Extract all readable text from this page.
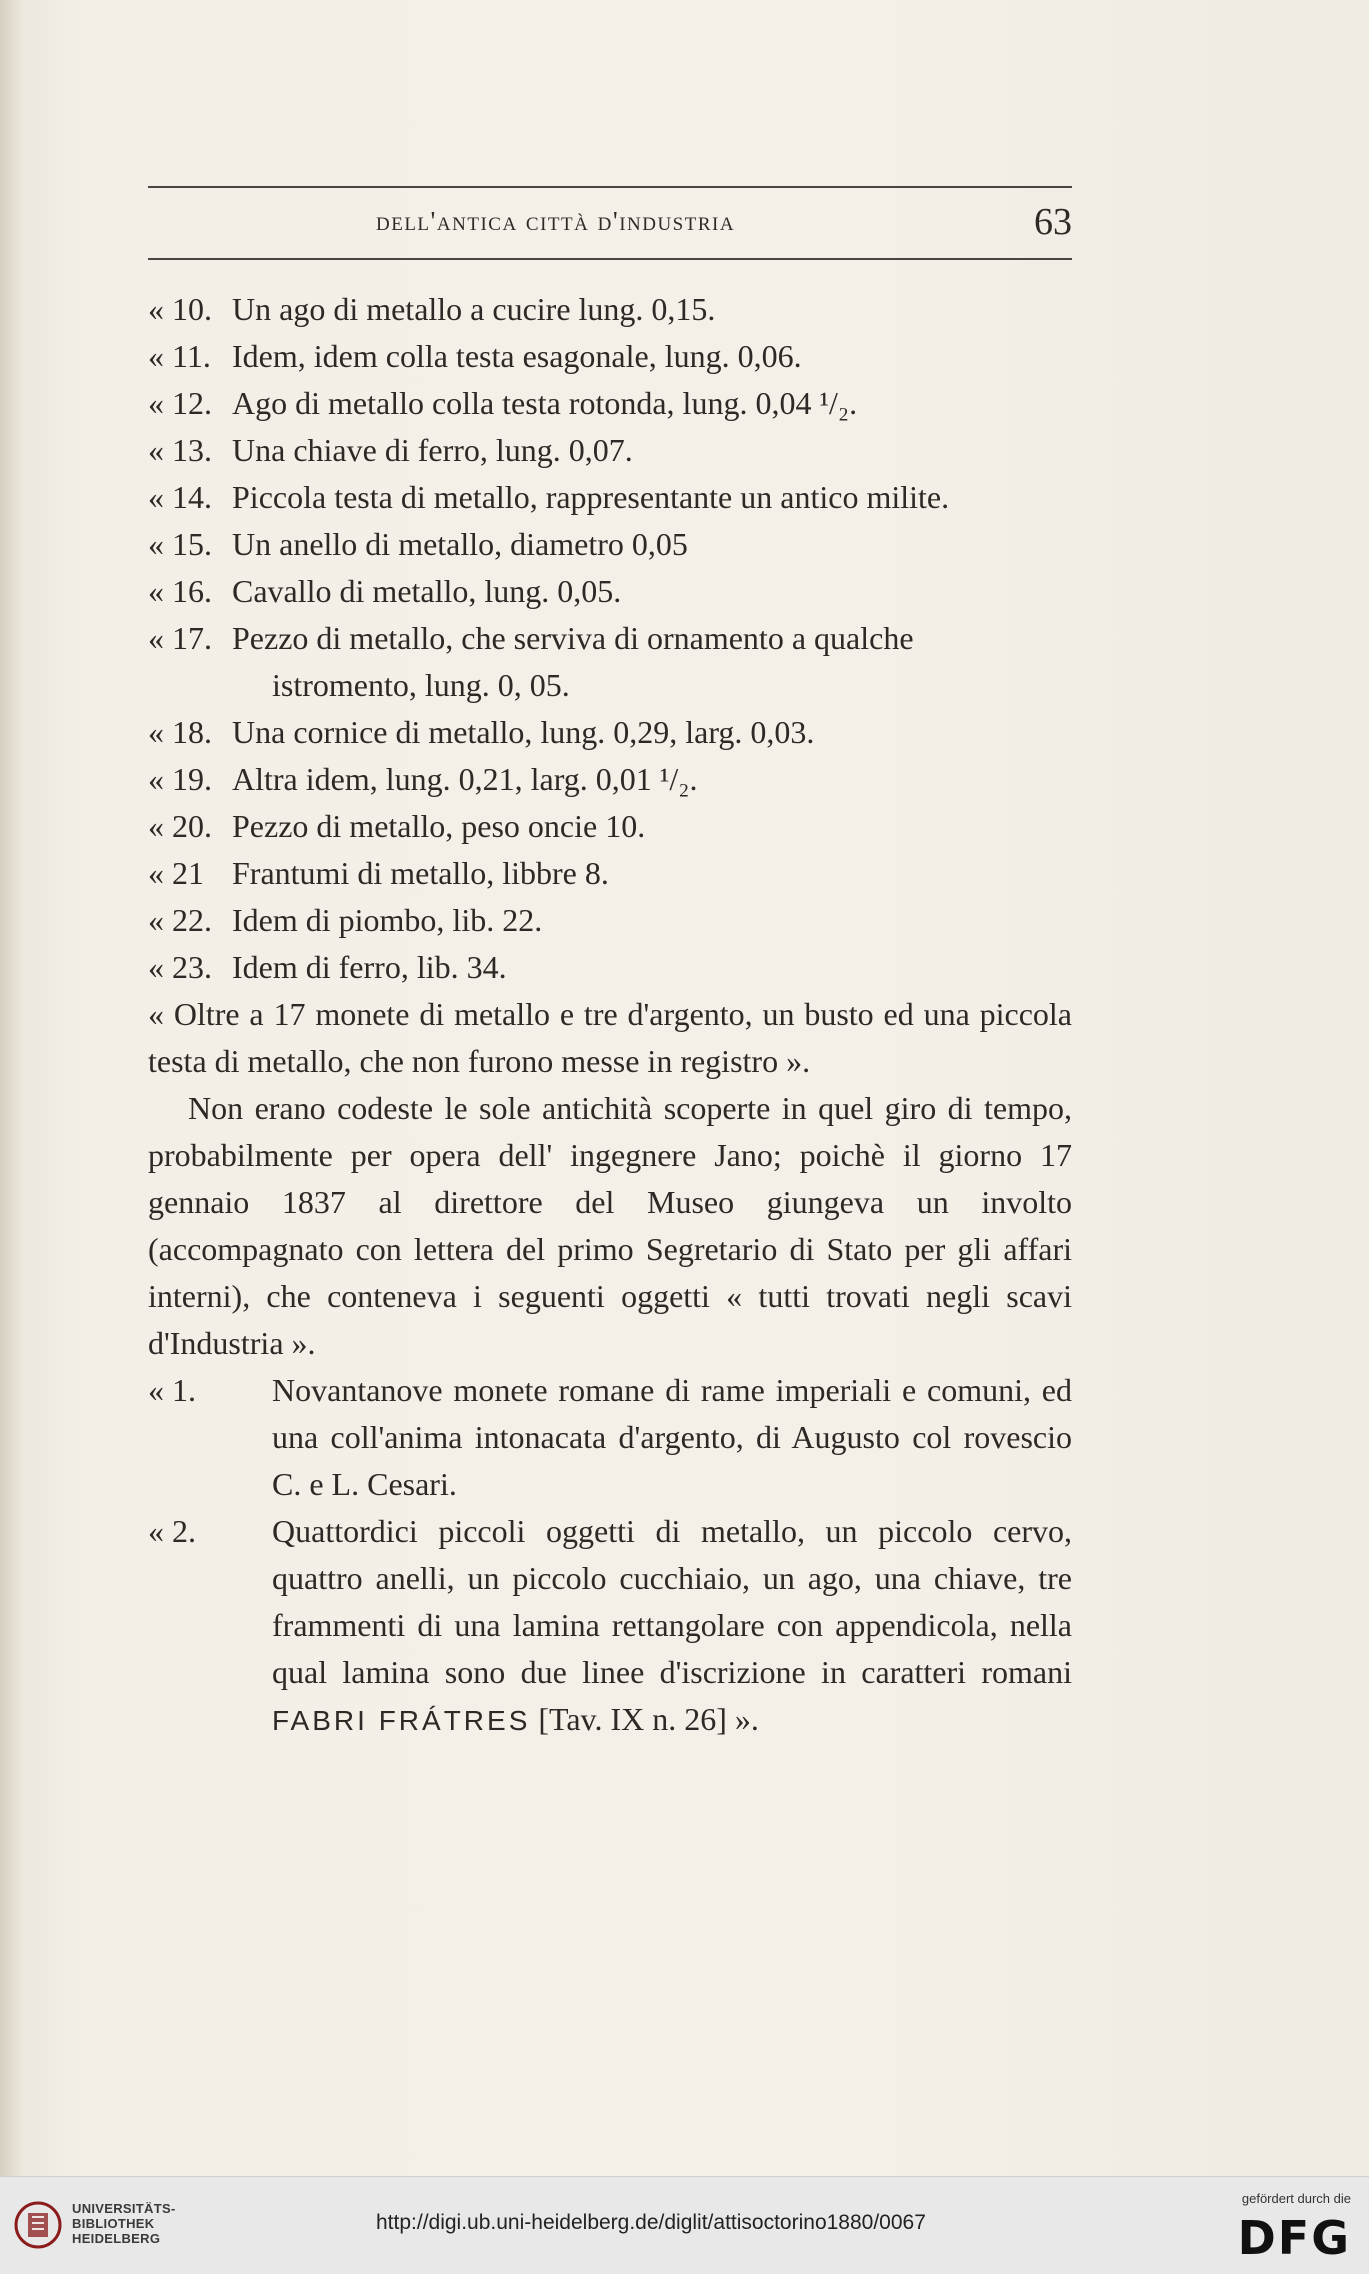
dell'antica città d'industria	63
« 10. Un ago di metallo a cucire lung. 0,15.
« 11. Idem, idem colla testa esagonale, lung. 0,06.
« 12. Ago di metallo colla testa rotonda, lung. 0,04 ¹/₂.
« 13. Una chiave di ferro, lung. 0,07.
« 14. Piccola testa di metallo, rappresentante un antico milite.
« 15. Un anello di metallo, diametro 0,05
« 16. Cavallo di metallo, lung. 0,05.
« 17. Pezzo di metallo, che serviva di ornamento a qualche
istromento, lung. 0, 05.
« 18. Una cornice di metallo, lung. 0,29, larg. 0,03.
« 19. Altra idem, lung. 0,21, larg. 0,01 ¹/₂.
« 20. Pezzo di metallo, peso oncie 10.
« 21 Frantumi di metallo, libbre 8.
« 22. Idem di piombo, lib. 22.
« 23. Idem di ferro, lib. 34.
« Oltre a 17 monete di metallo e tre d'argento, un busto ed una piccola testa di metallo, che non furono messe in registro ».
Non erano codeste le sole antichità scoperte in quel giro di tempo, probabilmente per opera dell' ingegnere Jano; poichè il giorno 17 gennaio 1837 al direttore del Museo giungeva un involto (accompagnato con lettera del primo Segretario di Stato per gli affari interni), che conteneva i seguenti oggetti « tutti trovati negli scavi d'Industria ».
« 1. Novantanove monete romane di rame imperiali e comuni, ed una coll'anima intonacata d'argento, di Augusto col rovescio C. e L. Cesari.
« 2. Quattordici piccoli oggetti di metallo, un piccolo cervo, quattro anelli, un piccolo cucchiaio, un ago, una chiave, tre frammenti di una lamina rettangolare con appendicola, nella qual lamina sono due linee d'iscrizione in caratteri romani FABRI FRÁTRES [Tav. IX n. 26] ».
UNIVERSITÄTS-
BIBLIOTHEK
HEIDELBERG
http://digi.ub.uni-heidelberg.de/diglit/attisoctorino1880/0067
gefördert durch die
DFG
